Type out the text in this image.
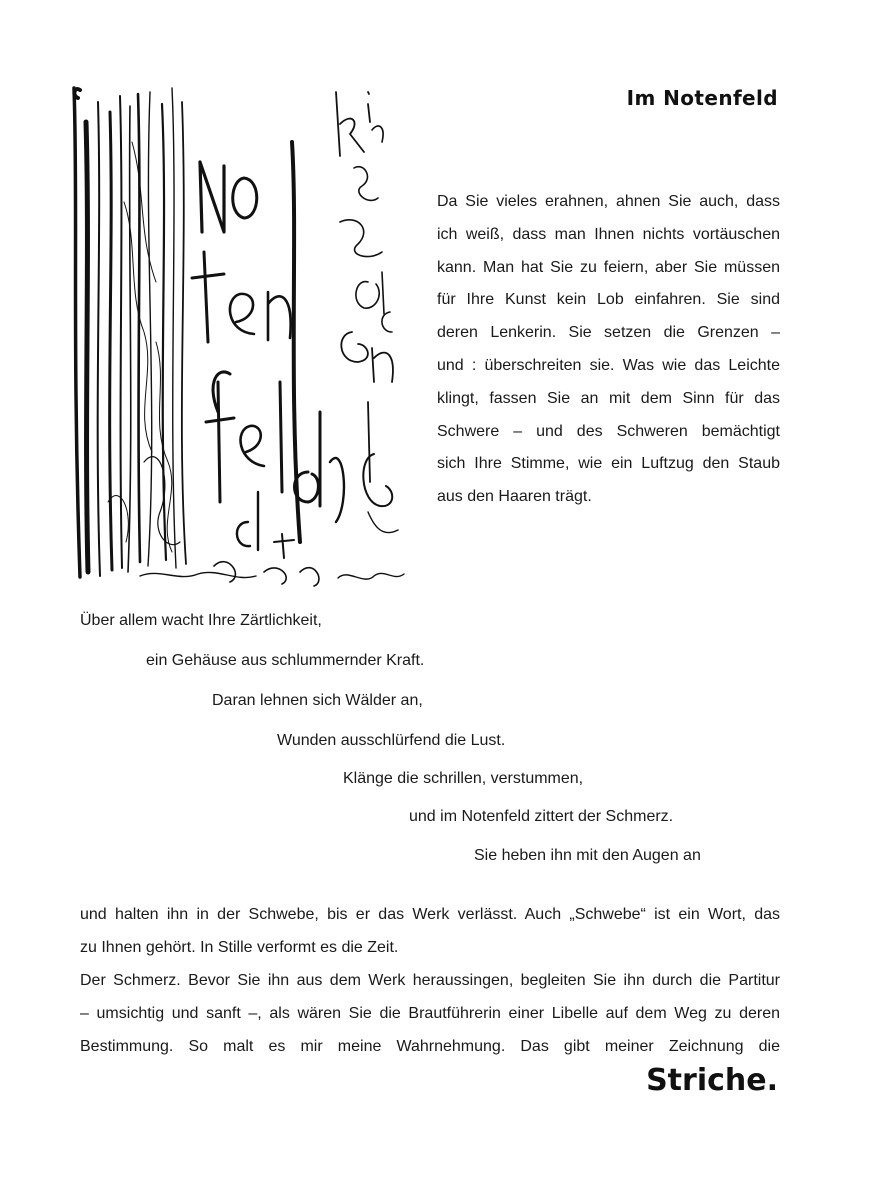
Im Notenfeld

Da Sie vieles erahnen, ahnen Sie auch, dass

ich weiß, dass man Ihnen nichts vortäuschen

kann. Man hat Sie zu feiern, aber Sie müssen

für Ihre Kunst kein Lob einfahren. Sie sind

deren Lenkerin. Sie setzen die Grenzen –

und : überschreiten sie. Was wie das Leichte

klingt, fassen Sie an mit dem Sinn für das

Schwere – und des Schweren bemächtigt

sich Ihre Stimme, wie ein Luftzug den Staub

aus den Haaren trägt.

Über allem wacht Ihre Zärtlichkeit,

ein Gehäuse aus schlummernder Kraft.

Daran lehnen sich Wälder an,

Wunden ausschlürfend die Lust.

Klänge die schrillen, verstummen,

und im Notenfeld zittert der Schmerz.

Sie heben ihn mit den Augen an

und halten ihn in der Schwebe, bis er das Werk verlässt. Auch „Schwebe“ ist ein Wort, das

zu Ihnen gehört. In Stille verformt es die Zeit.

Der Schmerz. Bevor Sie ihn aus dem Werk heraussingen, begleiten Sie ihn durch die Partitur

– umsichtig und sanft –, als wären Sie die Brautführerin einer Libelle auf dem Weg zu deren

Bestimmung. So malt es mir meine Wahrnehmung. Das gibt meiner Zeichnung die

Striche.
